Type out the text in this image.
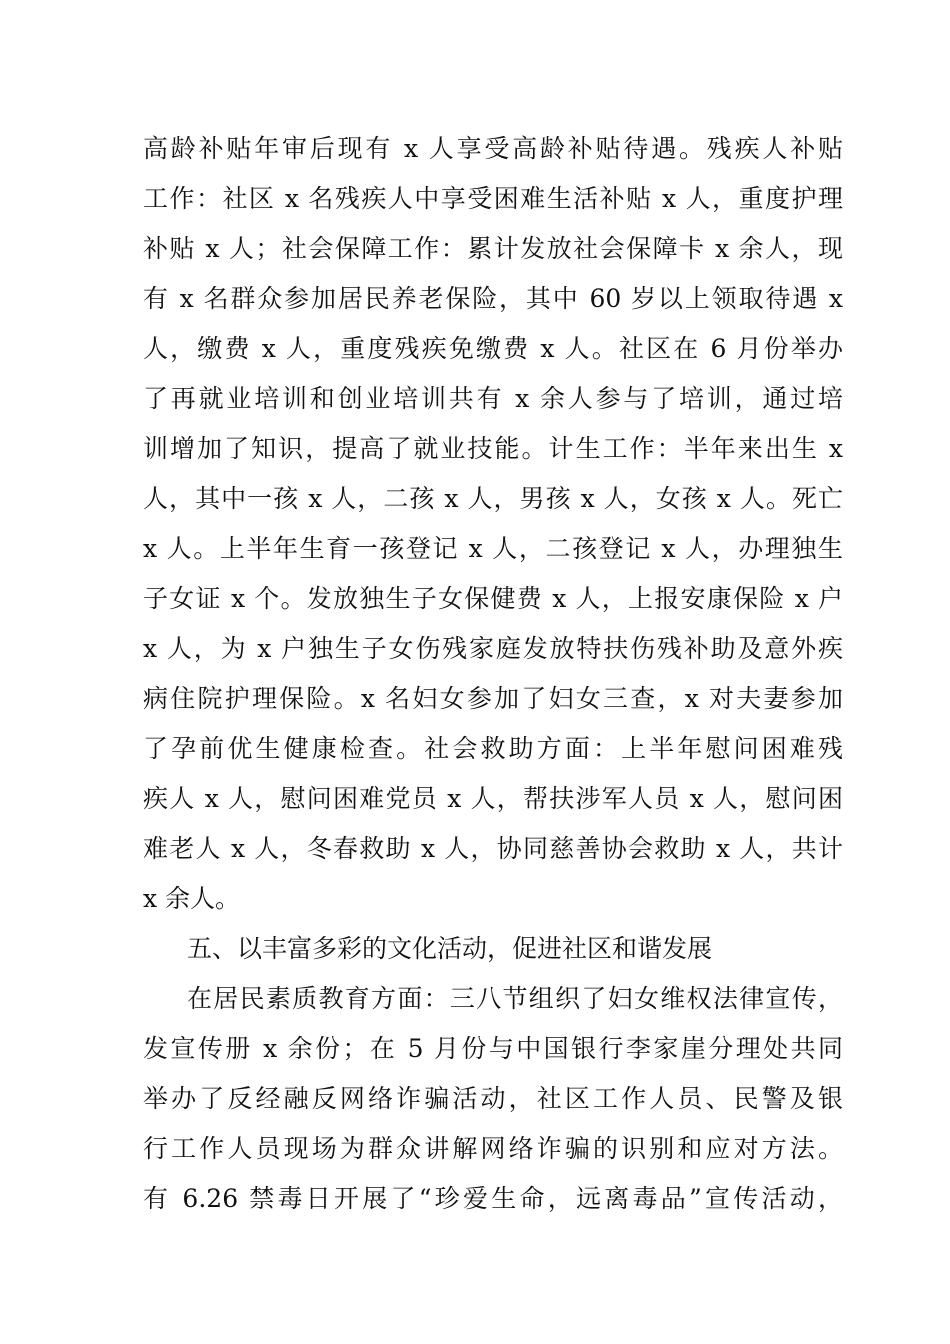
高龄补贴年审后现有 x 人享受高龄补贴待遇。残疾人补贴
工作：社区 x 名残疾人中享受困难生活补贴 x 人，重度护理
补贴 x 人；社会保障工作：累计发放社会保障卡 x 余人，现
有 x 名群众参加居民养老保险，其中 60 岁以上领取待遇 x
人，缴费 x 人，重度残疾免缴费 x 人。社区在 6 月份举办
了再就业培训和创业培训共有 x 余人参与了培训，通过培
训增加了知识，提高了就业技能。计生工作：半年来出生 x
人，其中一孩 x 人，二孩 x 人，男孩 x 人，女孩 x 人。死亡
x 人。上半年生育一孩登记 x 人，二孩登记 x 人，办理独生
子女证 x 个。发放独生子女保健费 x 人，上报安康保险 x 户
x 人，为 x 户独生子女伤残家庭发放特扶伤残补助及意外疾
病住院护理保险。x 名妇女参加了妇女三查，x 对夫妻参加
了孕前优生健康检查。社会救助方面：上半年慰问困难残
疾人 x 人，慰问困难党员 x 人，帮扶涉军人员 x 人，慰问困
难老人 x 人，冬春救助 x 人，协同慈善协会救助 x 人，共计
x 余人。
五、以丰富多彩的文化活动，促进社区和谐发展
在居民素质教育方面：三八节组织了妇女维权法律宣传，
发宣传册 x 余份；在 5 月份与中国银行李家崖分理处共同
举办了反经融反网络诈骗活动，社区工作人员、民警及银
行工作人员现场为群众讲解网络诈骗的识别和应对方法。
有 6.26 禁毒日开展了“珍爱生命，远离毒品”宣传活动，
